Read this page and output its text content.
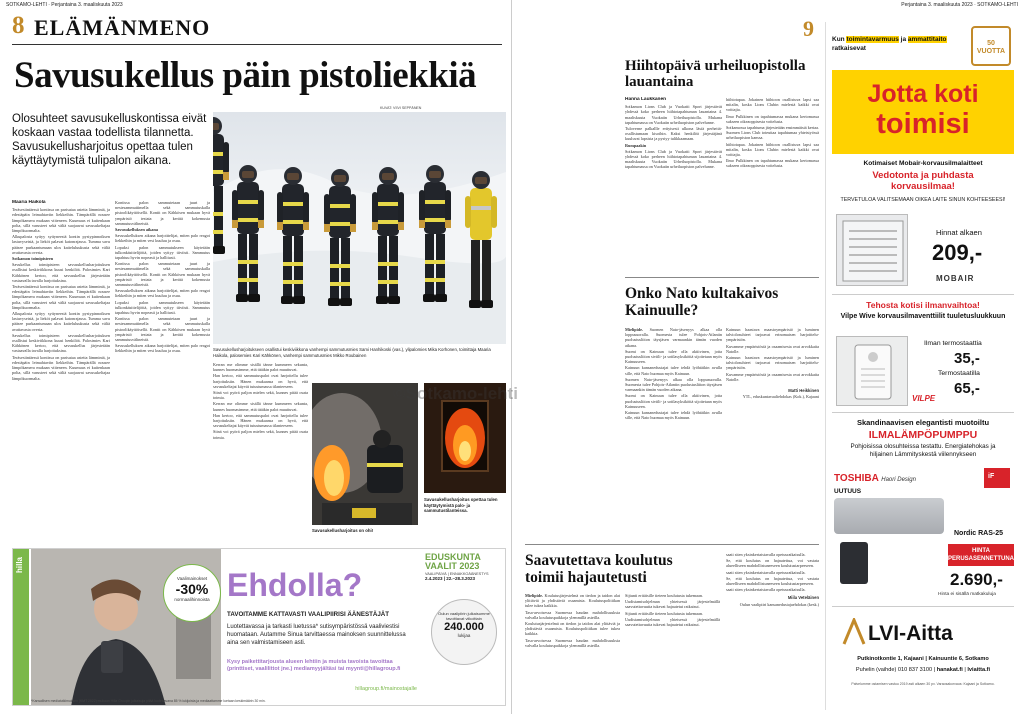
SOTKAMO-LEHTI · Perjantaina 3. maaliskuuta 2023
8 ELÄMÄNMENO
Savusukellus päin pistoliekkiä
KUVAT: VIIVI SEPPÄNEN
Olosuhteet savusukelluskontissa eivät koskaan vastaa todellista tilannetta. Savusukellusharjoitus opettaa tulen käyttäytymistä tulipalon aikana.
Maaria Haikola

Teräsesiintäessä kontissa on parisataa astetta lämmintä, ja edestäpäin leimahtaviin liekkeihin. Tämpärällä nousee lämpökamera mukaan viiteneen. Kuumuus ei kuitenkaan polta, sillä varusteet sekä väliä suojaavat savusukeltajaa lämpökuormalta.

Alkupalosta syttyy syttyneestä kontin pystypinnoiksen lastuvyseistä, ja lieköt palavat katonrajassa. Tumma savu pääsee purkaantumaan ulos katteluluukusta sekä väliä avattavasta ovesta.

Sotkamon toimipisteen

Savukellus toimipisteen savusukellusharjoituksen osallistui keskiviikkona kuusi henkilöä. Palosimies Kari Kähkönen kertoo, että savusukellus järjestetään vastaavalla tavalla harjoituksina.

Teräsesiintäessä kontissa on parisataa astetta lämmintä, ja edestäpäin leimahtaviin liekkeihin. Tämpärällä nousee lämpökamera mukaan viiteneen. Kuumuus ei kuitenkaan polta, sillä varusteet sekä väliä suojaavat savusukeltajaa lämpökuormalta.

Alkupalosta syttyy syttyneestä kontin pystypinnoiksen lastuvyseistä, ja lieköt palavat katonrajassa. Tumma savu pääsee purkaantumaan ulos katteluluukusta sekä väliä avattavasta ovesta.

Savukellus toimipisteen savusukellusharjoituksen osallistui keskiviikkona kuusi henkilöä. Palosimies Kari Kähkönen kertoo, että savusukellus järjestetään vastaavalla tavalla harjoituksina.

Teräsesiintäessä kontissa on parisataa astetta lämmintä, ja edestäpäin leimahtaviin liekkeihin. Tämpärällä nousee lämpökamera mukaan viiteneen. Kuumuus ei kuitenkaan polta, sillä varusteet sekä väliä suojaavat savusukeltajaa lämpökuormalta.

Kontissa palon sammutetaan juuri ja nestesammuttimella sekä sammutuskalla pistoolikäyttöisellä. Kontit on Kähkösen mukaan hyvä ympäristö testata ja kerätä kokemusta sammutusvälineistä.

Savusukelluksen aikana

Savusukelluksen aikana harjoittelijat, miten palo reagoi liekkeihin ja miten vesi kuuluu ja osuu.

Lopuksi palon sammutukseen käytetään tulkonkäsittelijöitä, joiden syttyy tiiviisti. Sammutus tapahtuu hyvin nopeasti ja hallitusti.

Kontissa palon sammutetaan juuri ja nestesammuttimella sekä sammutuskalla pistoolikäyttöisellä. Kontit on Kähkösen mukaan hyvä ympäristö testata ja kerätä kokemusta sammutusvälineistä.

Savusukelluksen aikana harjoittelijat, miten palo reagoi liekkeihin ja miten vesi kuuluu ja osuu.

Lopuksi palon sammutukseen käytetään tulkonkäsittelijöitä, joiden syttyy tiiviisti. Sammutus tapahtuu hyvin nopeasti ja hallitusti.

Kontissa palon sammutetaan juuri ja nestesammuttimella sekä sammutuskalla pistoolikäyttöisellä. Kontit on Kähkösen mukaan hyvä ympäristö testata ja kerätä kokemusta sammutusvälineistä.

Savusukelluksen aikana harjoittelijat, miten palo reagoi liekkeihin ja miten vesi kuuluu ja osuu.	Savusukellusharjoitukseen osallistui keskiviikkona vanhempi sammutusmies Sami Hanhikoski (vas.), ylipalomies Mika Korhonen, toimittaja Maaria Haikola, palosemies Kari Kähkönen, vanhempi sammutusmies Mikko Roubainen

Kerran me olimme sisällä tänne kummeen sekunta, kunnes huomasimme, että tätäkin palot muuttuvat.

Han kertoo, että sammutuspalot ovat harjoitellu tulee harjoituksiin. Hänen mukaansa on hyvä, että savusukeltajat käyvät tutustumassa tilanteeseen.

Siinä voi pyörä paljon mielen sekä, kunnes pitää osata toimia.

Kerran me olimme sisällä tänne kummeen sekunta, kunnes huomasimme, että tätäkin palot muuttuvat.

Han kertoo, että sammutuspalot ovat harjoitellu tulee harjoituksiin. Hänen mukaansa on hyvä, että savusukeltajat käyvät tutustumassa tilanteeseen.

Siinä voi pyörä paljon mielen sekä, kunnes pitää osata toimia.

Savusukellusharjoitus opettaa tulen käyttäytymistä palo- ja sammutustilanteissa.
Savusukellusharjoitus on ohi!
hilla
Vaalimainokset
-30%
normaalihinnoista Ehdolla?
TAVOITAMME KATTAVASTI VAALIPIIRISI ÄÄNESTÄJÄT
Luotettavassa ja tarkasti luetussa* sutisympäristössä vaaliviestisi huomataan. Autamme Sinua tarvittaessa mainoksen suunnittelussa aina sen valmistamiseen asti.
Kysy paikettitarjousta alueen lehtiin ja muista tavoista tavoittaa (printtiset, vaalilittot jne.) mediamyyjältäsi tai myynti@hillagroup.fi
hillagroup.fi/mainostajalle
EDUSKUNTA VAALIT 2023
VAALIPÄIVÄ | ENNAKKOÄÄNESTYS
2.4.2023 | 22.–28.3.2023
Oulun vaalipiirin julkaisumme tavoittavat viikoittain
240.000
lukijaa
*Kansallisen mediatutkimuksen (KMT 2022) mukaan Hilla Groupin julkaisuja pitää luotettavana 85 % lukijoista ja mediaattamme luetaan keskimäärin 30 min.
Perjantaina 3. maaliskuuta 2023 · SOTKAMO-LEHTI
9
Hiihtopäivä urheiluopistolla lauantaina
Hanna Laukkanen

Sotkamon Lions Club ja Vuokatti Sport järjestävät yhdessä koko perheen hiihtotapahtuman lauantaina 4. maaliskuuta Vuokatin Urheiluopistolla. Mukana tapahtumassa on Vuokatin urheiluopiston palvelunne.

Tuloverne palkallle erityisesti ulkona läsiä perheitä-osallistumaan kisoihin. Kaksi henkilöä järjestäjänä kuuluvat lapsista ja pystyy tulikkaamaan.

Rumpaakin

Sotkamon Lions Club ja Vuokatti Sport järjestävät yhdessä koko perheen hiihtotapahtuman lauantaina 4. maaliskuuta Vuokatin Urheiluopistolla. Mukana tapahtumassa on Vuokatin urheiluopiston palvelunne.

hiihtotapaa. Jokainen hiihtoon osallistuva lapsi saa mitalin, koska Lions Clubin mielestä kaikki ovat voittajia.

Ilmo Pulkkinen on tapahtumassa mukana kertomassa sukseen oikeaoppisesta voitelusta.

Sotkamossa tapahtuma järjestetään ensimmäistä kertaa. Suomen Lions Club toteuttaa tapahtumaa yhteistyössä urheiluopiston kanssa.

hiihtotapaa. Jokainen hiihtoon osallistuva lapsi saa mitalin, koska Lions Clubin mielestä kaikki ovat voittajia.

Ilmo Pulkkinen on tapahtumassa mukana kertomassa sukseen oikeaoppisesta voitelusta.

Onko Nato kultakaivos Kainuulle?

Mielipide. Suomen Nato-jäsenyys alkaa olla loppusuoralla. Suomesta tulee Pohjois-Atlantin puolustusliiton täysjäsen varmaankin tämän vuoden aikana.

Suomi on Kainuun tulee olla aktiivinen, jotta puolustusliiton siviili- ja sotilasyksiköitä sijoitetaan myös Kainuuseen.

Kainuun kansanedustajat tulee tehdä lyöhtäikin avulla sille, että Nato huomaa myös Kainuun.

Suomen Nato-jäsenyys alkaa olla loppusuoralla. Suomesta tulee Pohjois-Atlantin puolustusliiton täysjäsen varmaankin tämän vuoden aikana.

Suomi on Kainuun tulee olla aktiivinen, jotta puolustusliiton siviili- ja sotilasyksiköitä sijoitetaan myös Kainuuseen.

Kainuun kansanedustajat tulee tehdä lyöhtäikin avulla sille, että Nato huomaa myös Kainuun.

Kainuun haastava maastoympäristö ja luminen talviolosuhteet tarjoavat erinomaisen harjoittelu-ympäristön.

Kuvamme ympäristöstä ja osaamisesta ovat arvokkaita Natolle.

Kainuun haastava maastoympäristö ja luminen talviolosuhteet tarjoavat erinomaisen harjoittelu-ympäristön.

Kuvamme ympäristöstä ja osaamisesta ovat arvokkaita Natolle.

Matti Heikkinen

YTL, eduskuntavaaliehdokas (Kok.), Kajaani

©Sotkamo-lehti
Saavutettava koulutus toimii hajautetusti

Mielipide. Koulutusjärjestelmä on tiedon ja taidon alat ylittäviä ja yhdistäviä osaamista. Koulutuspolitiikan tulee tukea kaikkia.

Tasa-arvoisessa Suomessa haudan mahdollisuuksia valvalla koulutuspaikkoja ylemmillä asteilla.

Koulutusjärjestelmä on tiedon ja taidon alat ylittäviä ja yhdistäviä osaamista. Koulutuspolitiikan tulee tukea kaikkia.

Tasa-arvoisessa Suomessa haudan mahdollisuuksia valvalla koulutuspaikkoja ylemmillä asteilla.

Sijtunti eritäisille tieteen koulutusta tukemaan.

Uudistamisohjelman yhteisessä järjestelmällä saavutettavuutta tukevat hajautetut ratkaisut.

Sijtunti eritäisille tieteen koulutusta tukemaan.

Uudistamisohjelman yhteisessä järjestelmällä saavutettavuutta tukevat hajautetut ratkaisut.

saati siten yksinkertaistavalla opetusratkaisulla.

Se, että koulutus on hajautettua, voi vastata alueelliseen mahdollistuneeseen koulutustarpeeseen.

saati siten yksinkertaistavalla opetusratkaisulla.

Se, että koulutus on hajautettua, voi vastata alueelliseen mahdollistuneeseen koulutustarpeeseen.

saati siten yksinkertaistavalla opetusratkaisulla.

Miila Veteläinen

Oulun vaalipiiri kansanedustajaehdokas (kesk.)

Kun toimintavarmuus ja ammattitaito ratkaisevat
50 VUOTTA
Jotta koti
toimisi
Kotimaiset Mobair-korvausilmalaitteet
Vedotonta ja puhdasta
korvausilmaa!
TERVETULOA VALITSEMAAN OIKEA LAITE SINUN KOHTEESEESI!
Hinnat alkaen
209,-
MOBAIR
Tehosta kotisi ilmanvaihtoa!
Vilpe Wive korvausilmaventtiilit tuuletusluukkuun
Ilman termostaattia
35,-
Termostaatilla
65,-
VILPE
Skandinaavisen elegantisti muotoiltu
ILMALÄMPÖPUMPPU
Pohjoisissa olosuhteissa testattu. Energiatehokas ja hiljainen Lämmityskestä viilennykseen
TOSHIBA Haori Design	iF
UUTUUS
Nordic RAS-25
HINTA PERUSASENNETTUNA
2.690,-
Hinta ei sisällä matkakuluja
LVI-Aitta
Putkinotkontie 1, Kajaani | Kainuuntie 6, Sotkamo
Puhelin (vaihde) 010 837 3100 | hanakat.fi | lviaitta.fi
Palvelumme ostamisen vastuu 2019 asti alkaen 30 pv. Varaosakorvaus: Kajaani ja Sotkamo.
